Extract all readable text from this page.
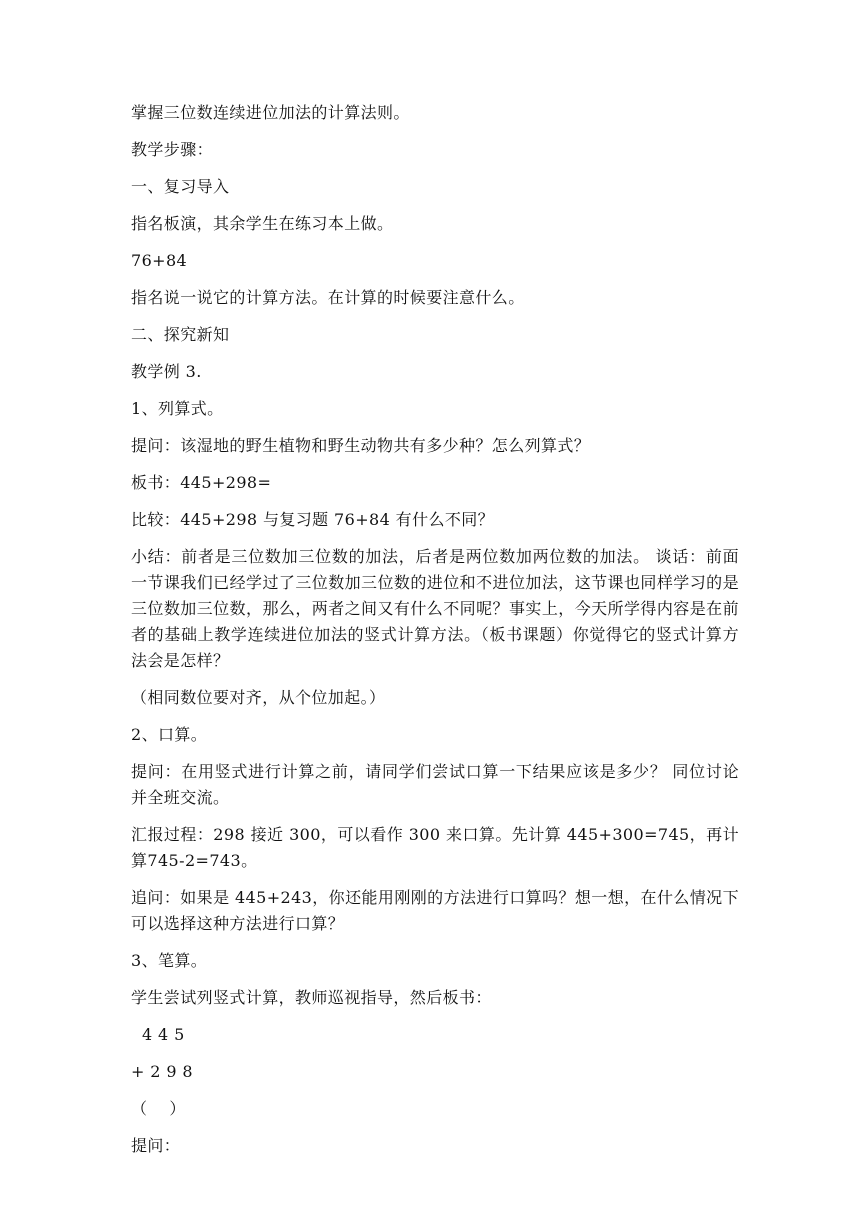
掌握三位数连续进位加法的计算法则。

教学步骤：

一、复习导入

指名板演，其余学生在练习本上做。

76+84

指名说一说它的计算方法。在计算的时候要注意什么。

二、探究新知

教学例 3.

1、列算式。

提问：该湿地的野生植物和野生动物共有多少种？怎么列算式？

板书：445+298=

比较：445+298 与复习题 76+84 有什么不同？

小结：前者是三位数加三位数的加法，后者是两位数加两位数的加法。 谈话：前面一节课我们已经学过了三位数加三位数的进位和不进位加法，这节课也同样学习的是三位数加三位数，那么，两者之间又有什么不同呢？事实上，今天所学得内容是在前者的基础上教学连续进位加法的竖式计算方法。（板书课题）你觉得它的竖式计算方法会是怎样？

（相同数位要对齐，从个位加起。）

2、口算。

提问：在用竖式进行计算之前，请同学们尝试口算一下结果应该是多少？ 同位讨论并全班交流。

汇报过程：298 接近 300，可以看作 300 来口算。先计算 445+300=745，再计算745-2=743。

追问：如果是 445+243，你还能用刚刚的方法进行口算吗？想一想，在什么情况下可以选择这种方法进行口算？

3、笔算。

学生尝试列竖式计算，教师巡视指导，然后板书：

4 4 5
+ 2 9 8
（    ）

提问：
